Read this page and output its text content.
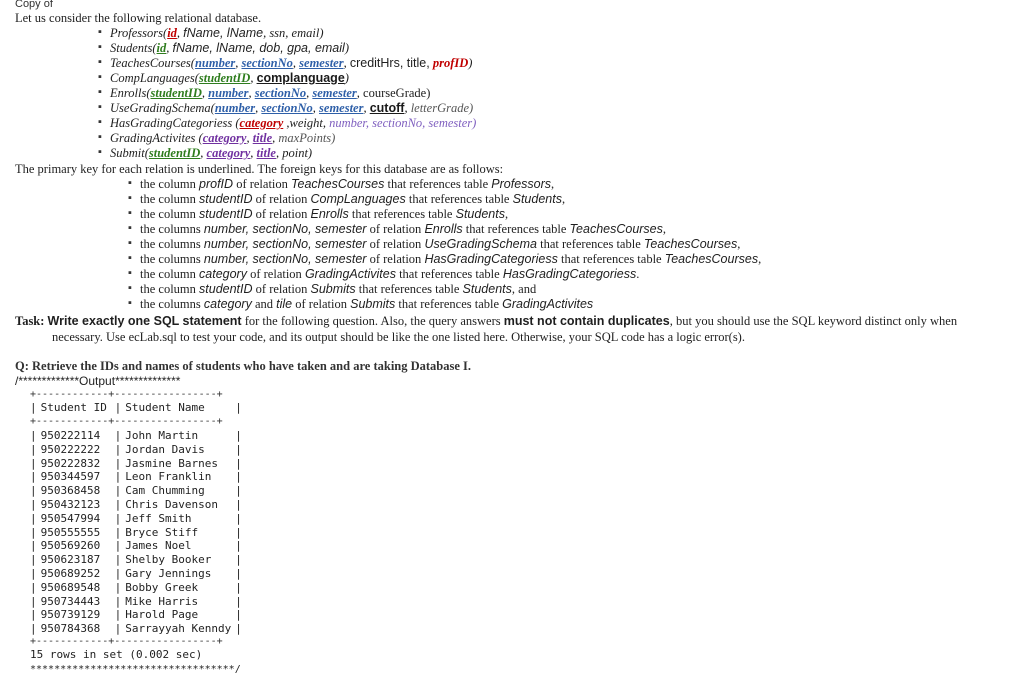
Copy of
Let us consider the following relational database.
▪ Professors(id, fName, lName, ssn, email)
▪ Students(id, fName, lName, dob, gpa, email)
▪ TeachesCourses(number, sectionNo, semester, creditHrs, title, profID)
▪ CompLanguages(studentID, complanguage)
▪ Enrolls(studentID, number, sectionNo, semester, courseGrade)
▪ UseGradingSchema(number, sectionNo, semester, cutoff, letterGrade)
▪ HasGradingCategoriess (category ,weight, number, sectionNo, semester)
▪ GradingActivites (category, title, maxPoints)
▪ Submit(studentID, category, title, point)
The primary key for each relation is underlined. The foreign keys for this database are as follows:
▪ the column profID of relation TeachesCourses that references table Professors,
▪ the column studentID of relation CompLanguages that references table Students,
▪ the column studentID of relation Enrolls that references table Students,
▪ the columns number, sectionNo, semester of relation Enrolls that references table TeachesCourses,
▪ the columns number, sectionNo, semester of relation UseGradingSchema that references table TeachesCourses,
▪ the columns number, sectionNo, semester of relation HasGradingCategoriess that references table TeachesCourses,
▪ the column category of relation GradingActivites that references table HasGradingCategoriess.
▪ the column studentID of relation Submits that references table Students, and
▪ the columns category and tile of relation Submits that references table GradingActivites
Task: Write exactly one SQL statement for the following question. Also, the query answers must not contain duplicates, but you should use the SQL keyword distinct only when
necessary. Use ecLab.sql to test your code, and its output should be like the one listed here. Otherwise, your SQL code has a logic error(s).
Q: Retrieve the IDs and names of students who have taken and are taking Database I.
/*************Output**************
+------------+-----------------+
+------------+-----------------+
+------------+-----------------+
|	Student ID	|	Student Name	|

|	950222114	|	John Martin	|
|	950222222	|	Jordan Davis	|
|	950222832	|	Jasmine Barnes	|
|	950344597	|	Leon Franklin	|
|	950368458	|	Cam Chumming	|
|	950432123	|	Chris Davenson	|
|	950547994	|	Jeff Smith	|
|	950555555	|	Bryce Stiff	|
|	950569260	|	James Noel	|
|	950623187	|	Shelby Booker	|
|	950689252	|	Gary Jennings	|
|	950689548	|	Bobby Greek	|
|	950734443	|	Mike Harris	|
|	950739129	|	Harold Page	|
|	950784368	|	Sarrayyah Kenndy	|
15 rows in set (0.002 sec)
**********************************/
